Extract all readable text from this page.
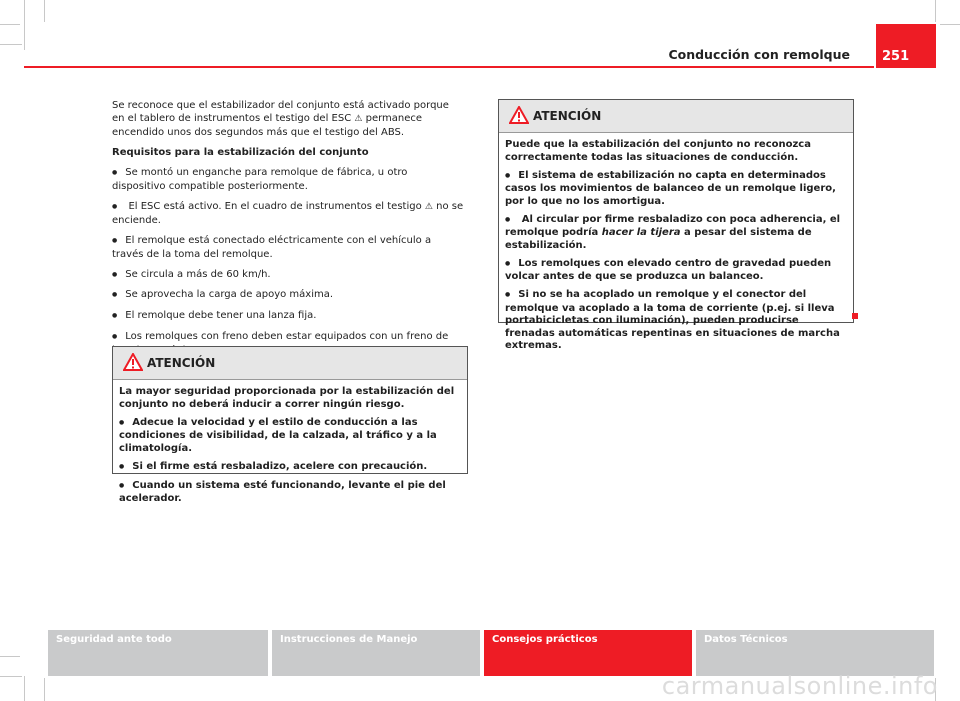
Conducción con remolque 251

Se reconoce que el estabilizador del conjunto está activado porque en el tablero de instrumentos el testigo del ESC ⚠ permanece encendido unos dos segundos más que el testigo del ABS.

Requisitos para la estabilización del conjunto

● Se montó un enganche para remolque de fábrica, u otro dispositivo compatible posteriormente.

● El ESC está activo. En el cuadro de instrumentos el testigo ⚠ no se enciende.

● El remolque está conectado eléctricamente con el vehículo a través de la toma del remolque.

● Se circula a más de 60 km/h.

● Se aprovecha la carga de apoyo máxima.

● El remolque debe tener una lanza fija.

● Los remolques con freno deben estar equipados con un freno de

ATENCIÓN

La mayor seguridad proporcionada por la estabilización del conjunto no deberá inducir a correr ningún riesgo.

● Adecue la velocidad y el estilo de conducción a las condiciones de visibilidad, de la calzada, al tráfico y a la climatología.

● Si el firme está resbaladizo, acelere con precaución.

● Cuando un sistema esté funcionando, levante el pie del acelerador.

ATENCIÓN

Puede que la estabilización del conjunto no reconozca correctamente todas las situaciones de conducción.

● El sistema de estabilización no capta en determinados casos los movimientos de balanceo de un remolque ligero, por lo que no los amortigua.

● Al circular por firme resbaladizo con poca adherencia, el remolque podría hacer la tijera a pesar del sistema de estabilización.

● Los remolques con elevado centro de gravedad pueden volcar antes de que se produzca un balanceo.

● Si no se ha acoplado un remolque y el conector del remolque va acoplado a la toma de corriente (p.ej. si lleva portabicicletas con iluminación), pueden producirse frenadas automáticas repentinas en situaciones de marcha extremas.

Seguridad ante todo	Instrucciones de Manejo	Consejos prácticos	Datos Técnicos
carmanualsonline.info
